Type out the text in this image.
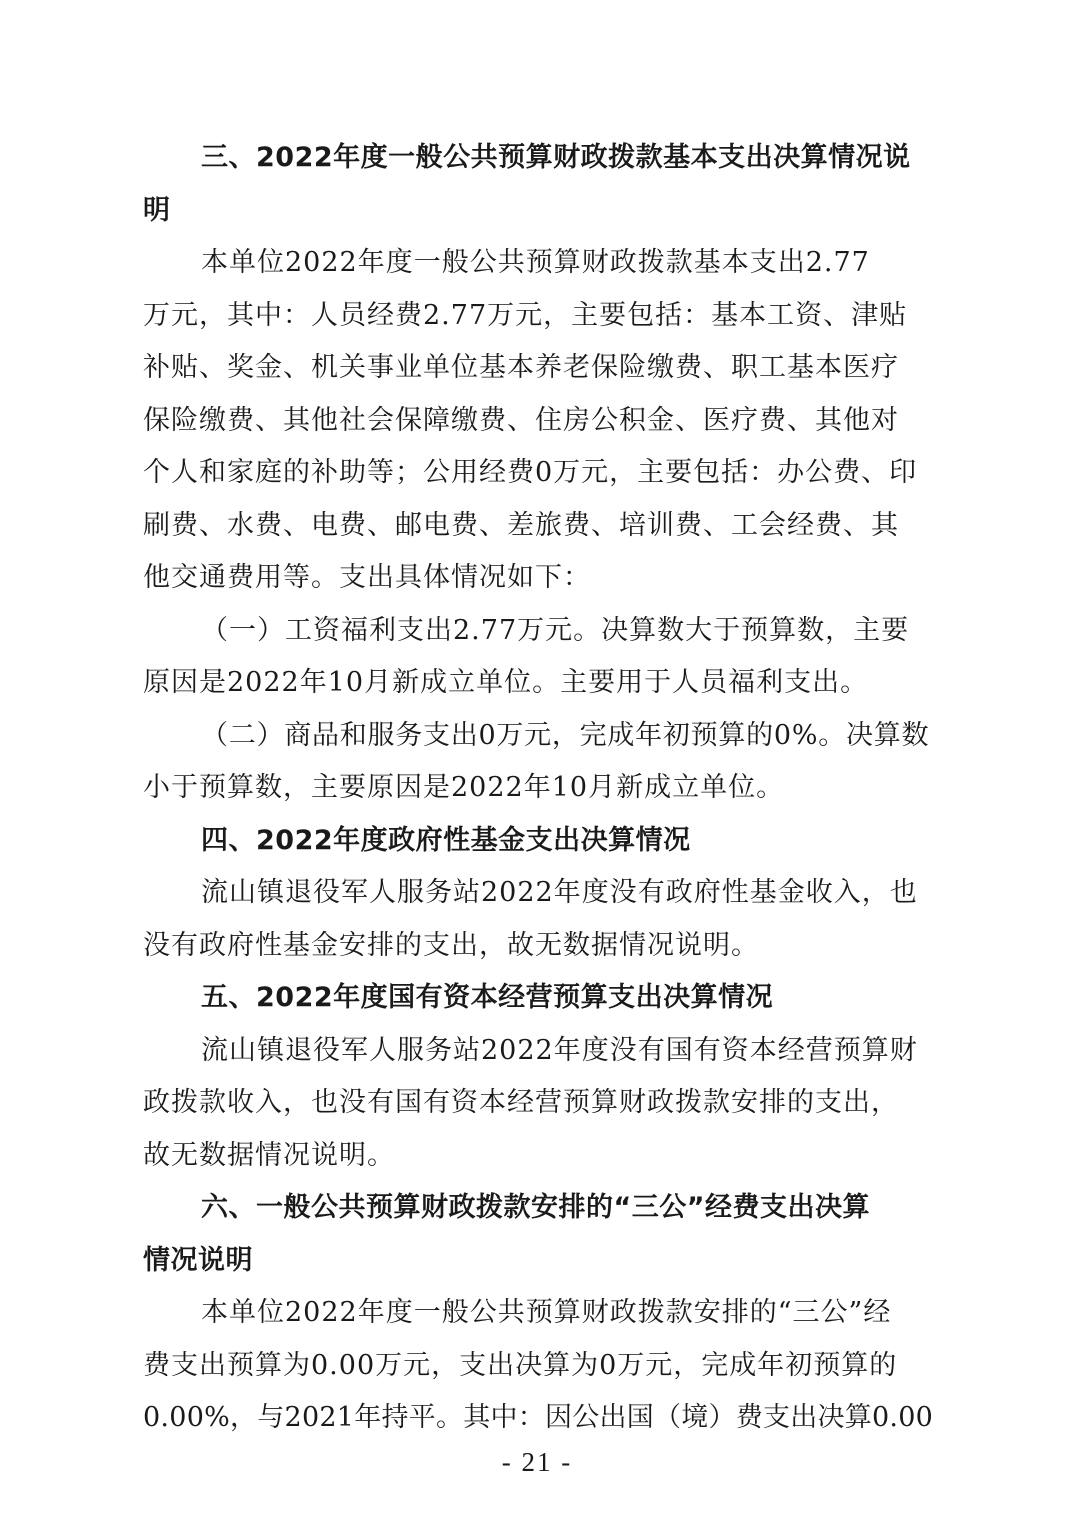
三、2022年度一般公共预算财政拨款基本支出决算情况说
明
本单位2022年度一般公共预算财政拨款基本支出2.77
万元，其中：人员经费2.77万元，主要包括：基本工资、津贴
补贴、奖金、机关事业单位基本养老保险缴费、职工基本医疗
保险缴费、其他社会保障缴费、住房公积金、医疗费、其他对
个人和家庭的补助等；公用经费0万元，主要包括：办公费、印
刷费、水费、电费、邮电费、差旅费、培训费、工会经费、其
他交通费用等。支出具体情况如下：
（一）工资福利支出2.77万元。决算数大于预算数，主要
原因是2022年10月新成立单位。主要用于人员福利支出。
（二）商品和服务支出0万元，完成年初预算的0%。决算数
小于预算数，主要原因是2022年10月新成立单位。
四、2022年度政府性基金支出决算情况
流山镇退役军人服务站2022年度没有政府性基金收入，也
没有政府性基金安排的支出，故无数据情况说明。
五、2022年度国有资本经营预算支出决算情况
流山镇退役军人服务站2022年度没有国有资本经营预算财
政拨款收入，也没有国有资本经营预算财政拨款安排的支出，
故无数据情况说明。
六、一般公共预算财政拨款安排的“三公”经费支出决算
情况说明
本单位2022年度一般公共预算财政拨款安排的“三公”经
费支出预算为0.00万元，支出决算为0万元，完成年初预算的
0.00%，与2021年持平。其中：因公出国（境）费支出决算0.00
- 21 -
